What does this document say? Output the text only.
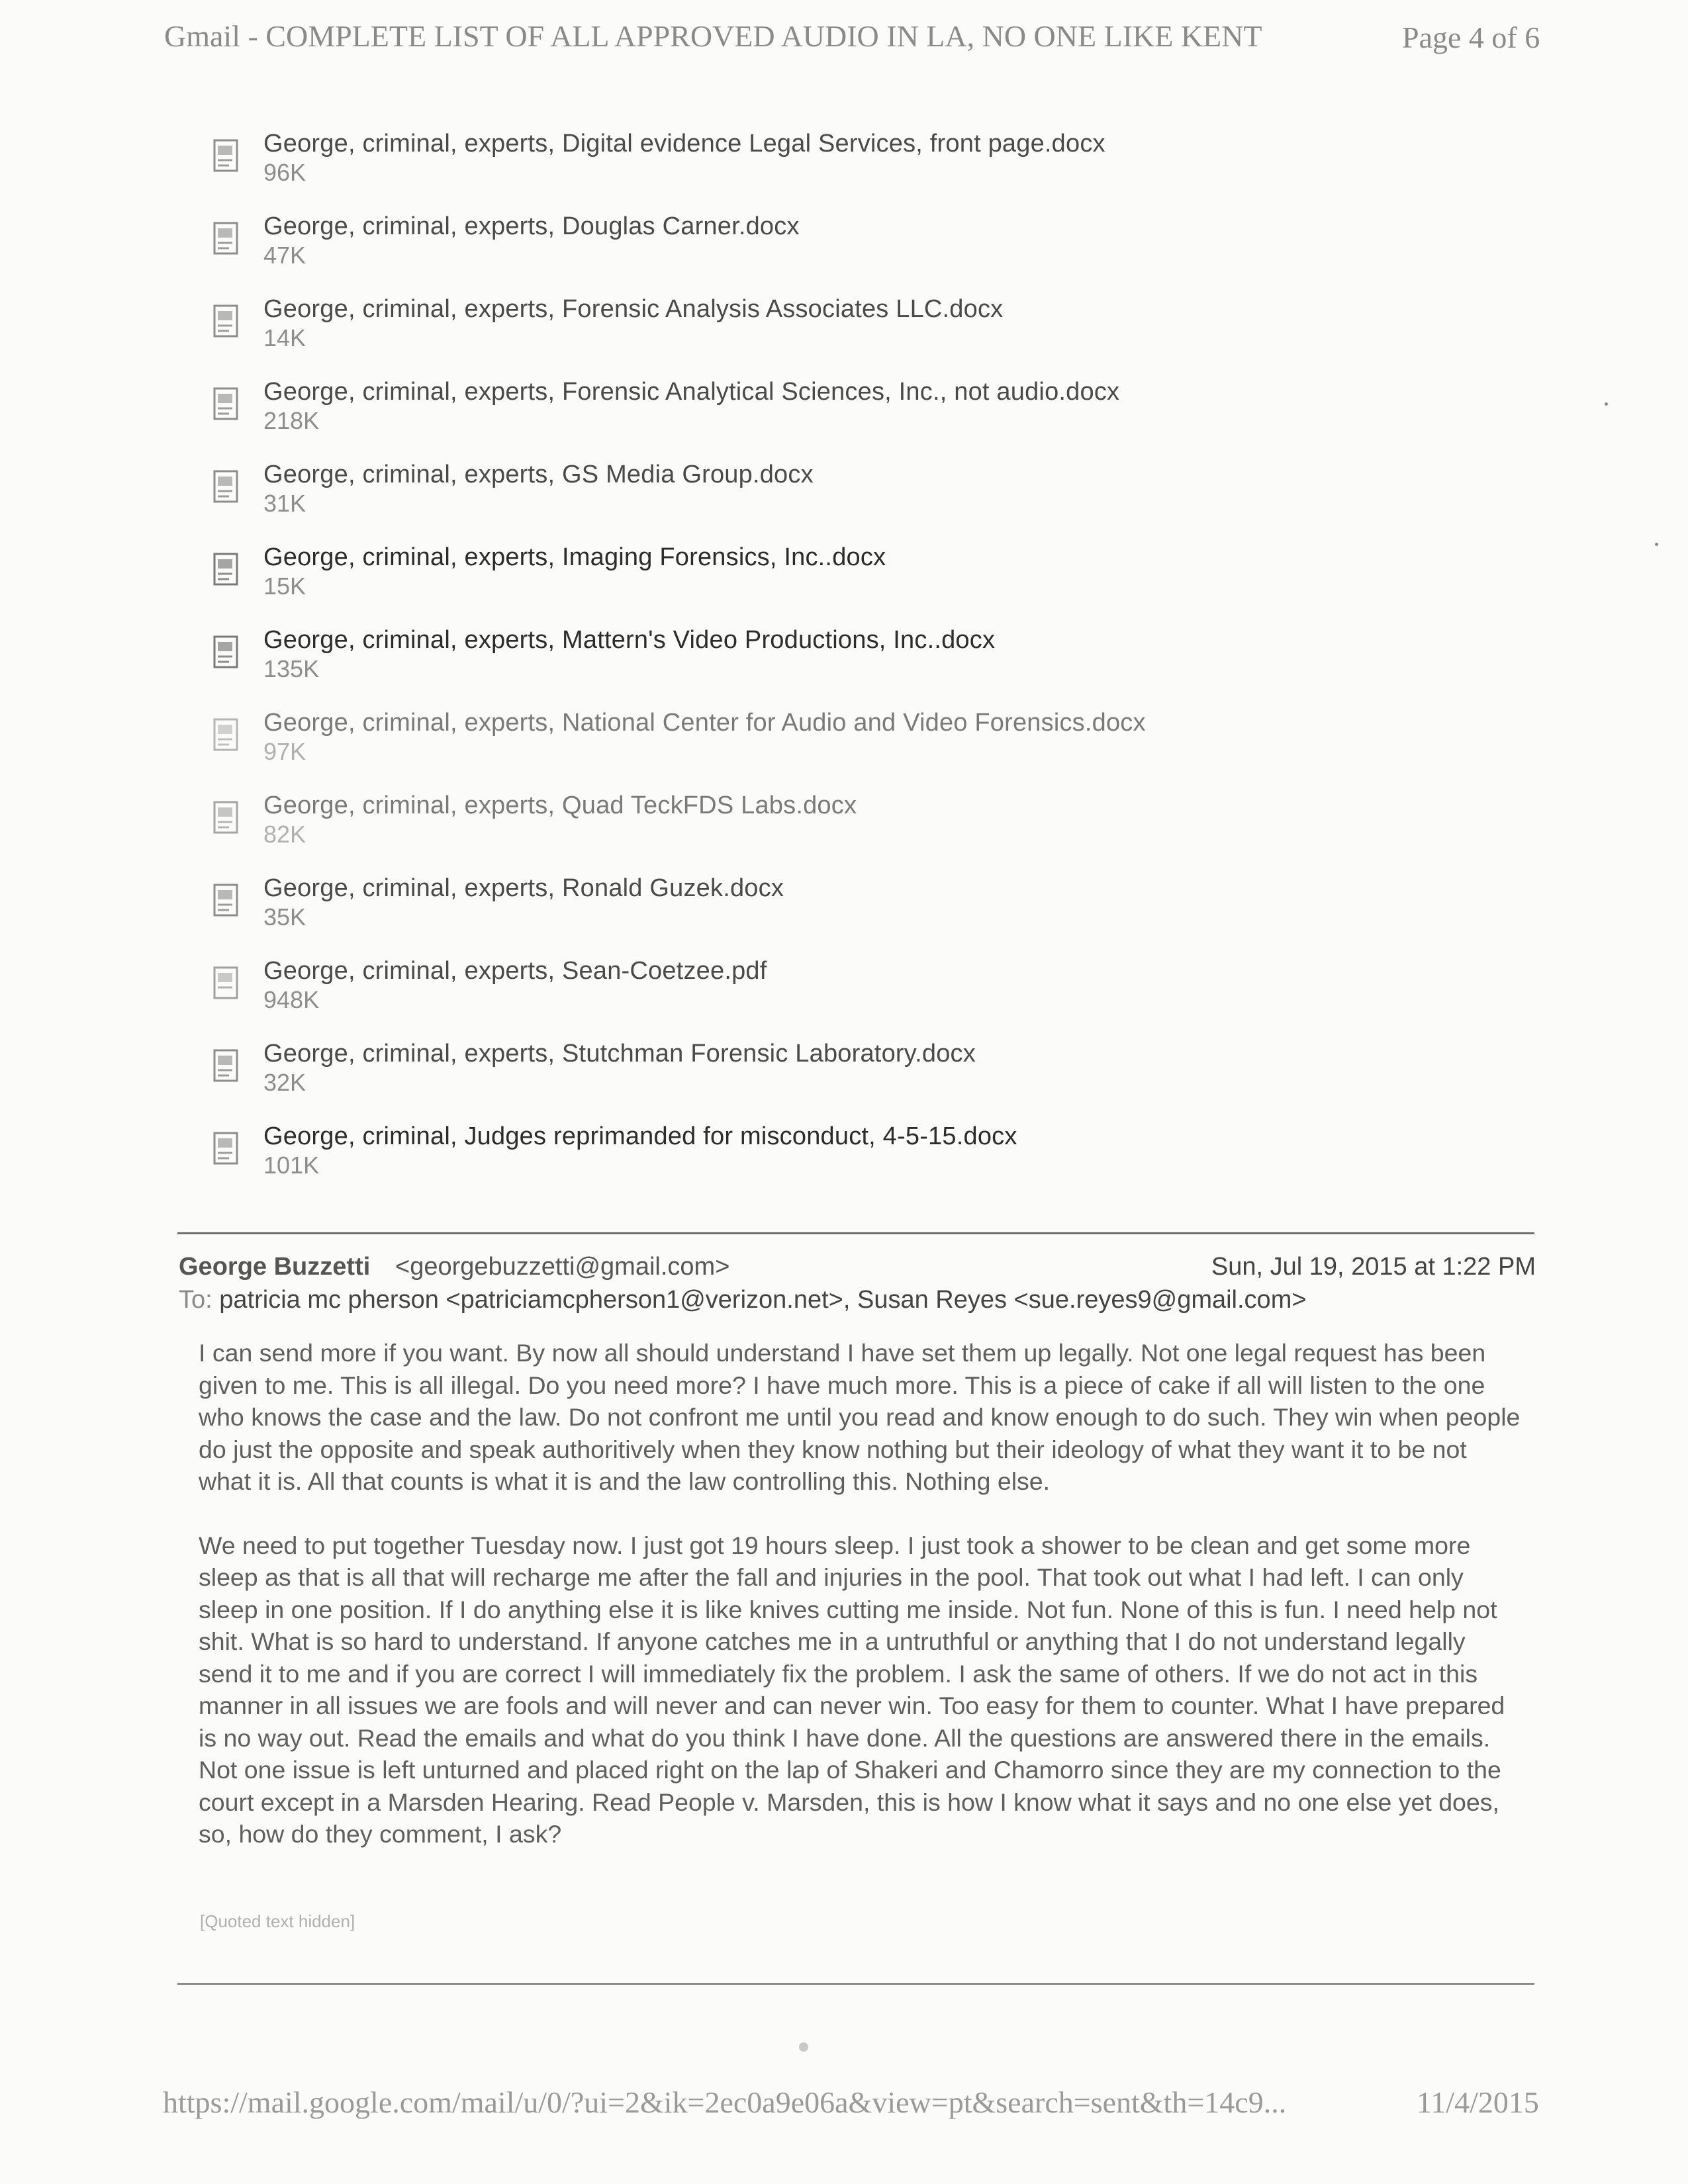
Gmail - COMPLETE LIST OF ALL APPROVED AUDIO IN LA, NO ONE LIKE KENT	Page 4 of 6
George, criminal, experts, Digital evidence Legal Services, front page.docx
96K
George, criminal, experts, Douglas Carner.docx
47K
George, criminal, experts, Forensic Analysis Associates LLC.docx
14K
George, criminal, experts, Forensic Analytical Sciences, Inc., not audio.docx
218K
George, criminal, experts, GS Media Group.docx
31K
George, criminal, experts, Imaging Forensics, Inc..docx
15K
George, criminal, experts, Mattern's Video Productions, Inc..docx
135K
George, criminal, experts, National Center for Audio and Video Forensics.docx
97K
George, criminal, experts, Quad TeckFDS Labs.docx
82K
George, criminal, experts, Ronald Guzek.docx
35K
George, criminal, experts, Sean-Coetzee.pdf
948K
George, criminal, experts, Stutchman Forensic Laboratory.docx
32K
George, criminal, Judges reprimanded for misconduct, 4-5-15.docx
101K
George Buzzetti <georgebuzzetti@gmail.com>	Sun, Jul 19, 2015 at 1:22 PM
To: patricia mc pherson <patriciamcpherson1@verizon.net>, Susan Reyes <sue.reyes9@gmail.com>

I can send more if you want. By now all should understand I have set them up legally. Not one legal request has been given to me. This is all illegal. Do you need more? I have much more. This is a piece of cake if all will listen to the one who knows the case and the law. Do not confront me until you read and know enough to do such. They win when people do just the opposite and speak authoritively when they know nothing but their ideology of what they want it to be not what it is. All that counts is what it is and the law controlling this. Nothing else.

We need to put together Tuesday now. I just got 19 hours sleep. I just took a shower to be clean and get some more sleep as that is all that will recharge me after the fall and injuries in the pool. That took out what I had left. I can only sleep in one position. If I do anything else it is like knives cutting me inside. Not fun. None of this is fun. I need help not shit. What is so hard to understand. If anyone catches me in a untruthful or anything that I do not understand legally send it to me and if you are correct I will immediately fix the problem. I ask the same of others. If we do not act in this manner in all issues we are fools and will never and can never win. Too easy for them to counter. What I have prepared is no way out. Read the emails and what do you think I have done. All the questions are answered there in the emails. Not one issue is left unturned and placed right on the lap of Shakeri and Chamorro since they are my connection to the court except in a Marsden Hearing. Read People v. Marsden, this is how I know what it says and no one else yet does, so, how do they comment, I ask?

[Quoted text hidden]
https://mail.google.com/mail/u/0/?ui=2&ik=2ec0a9e06a&view=pt&search=sent&th=14c9...	11/4/2015
